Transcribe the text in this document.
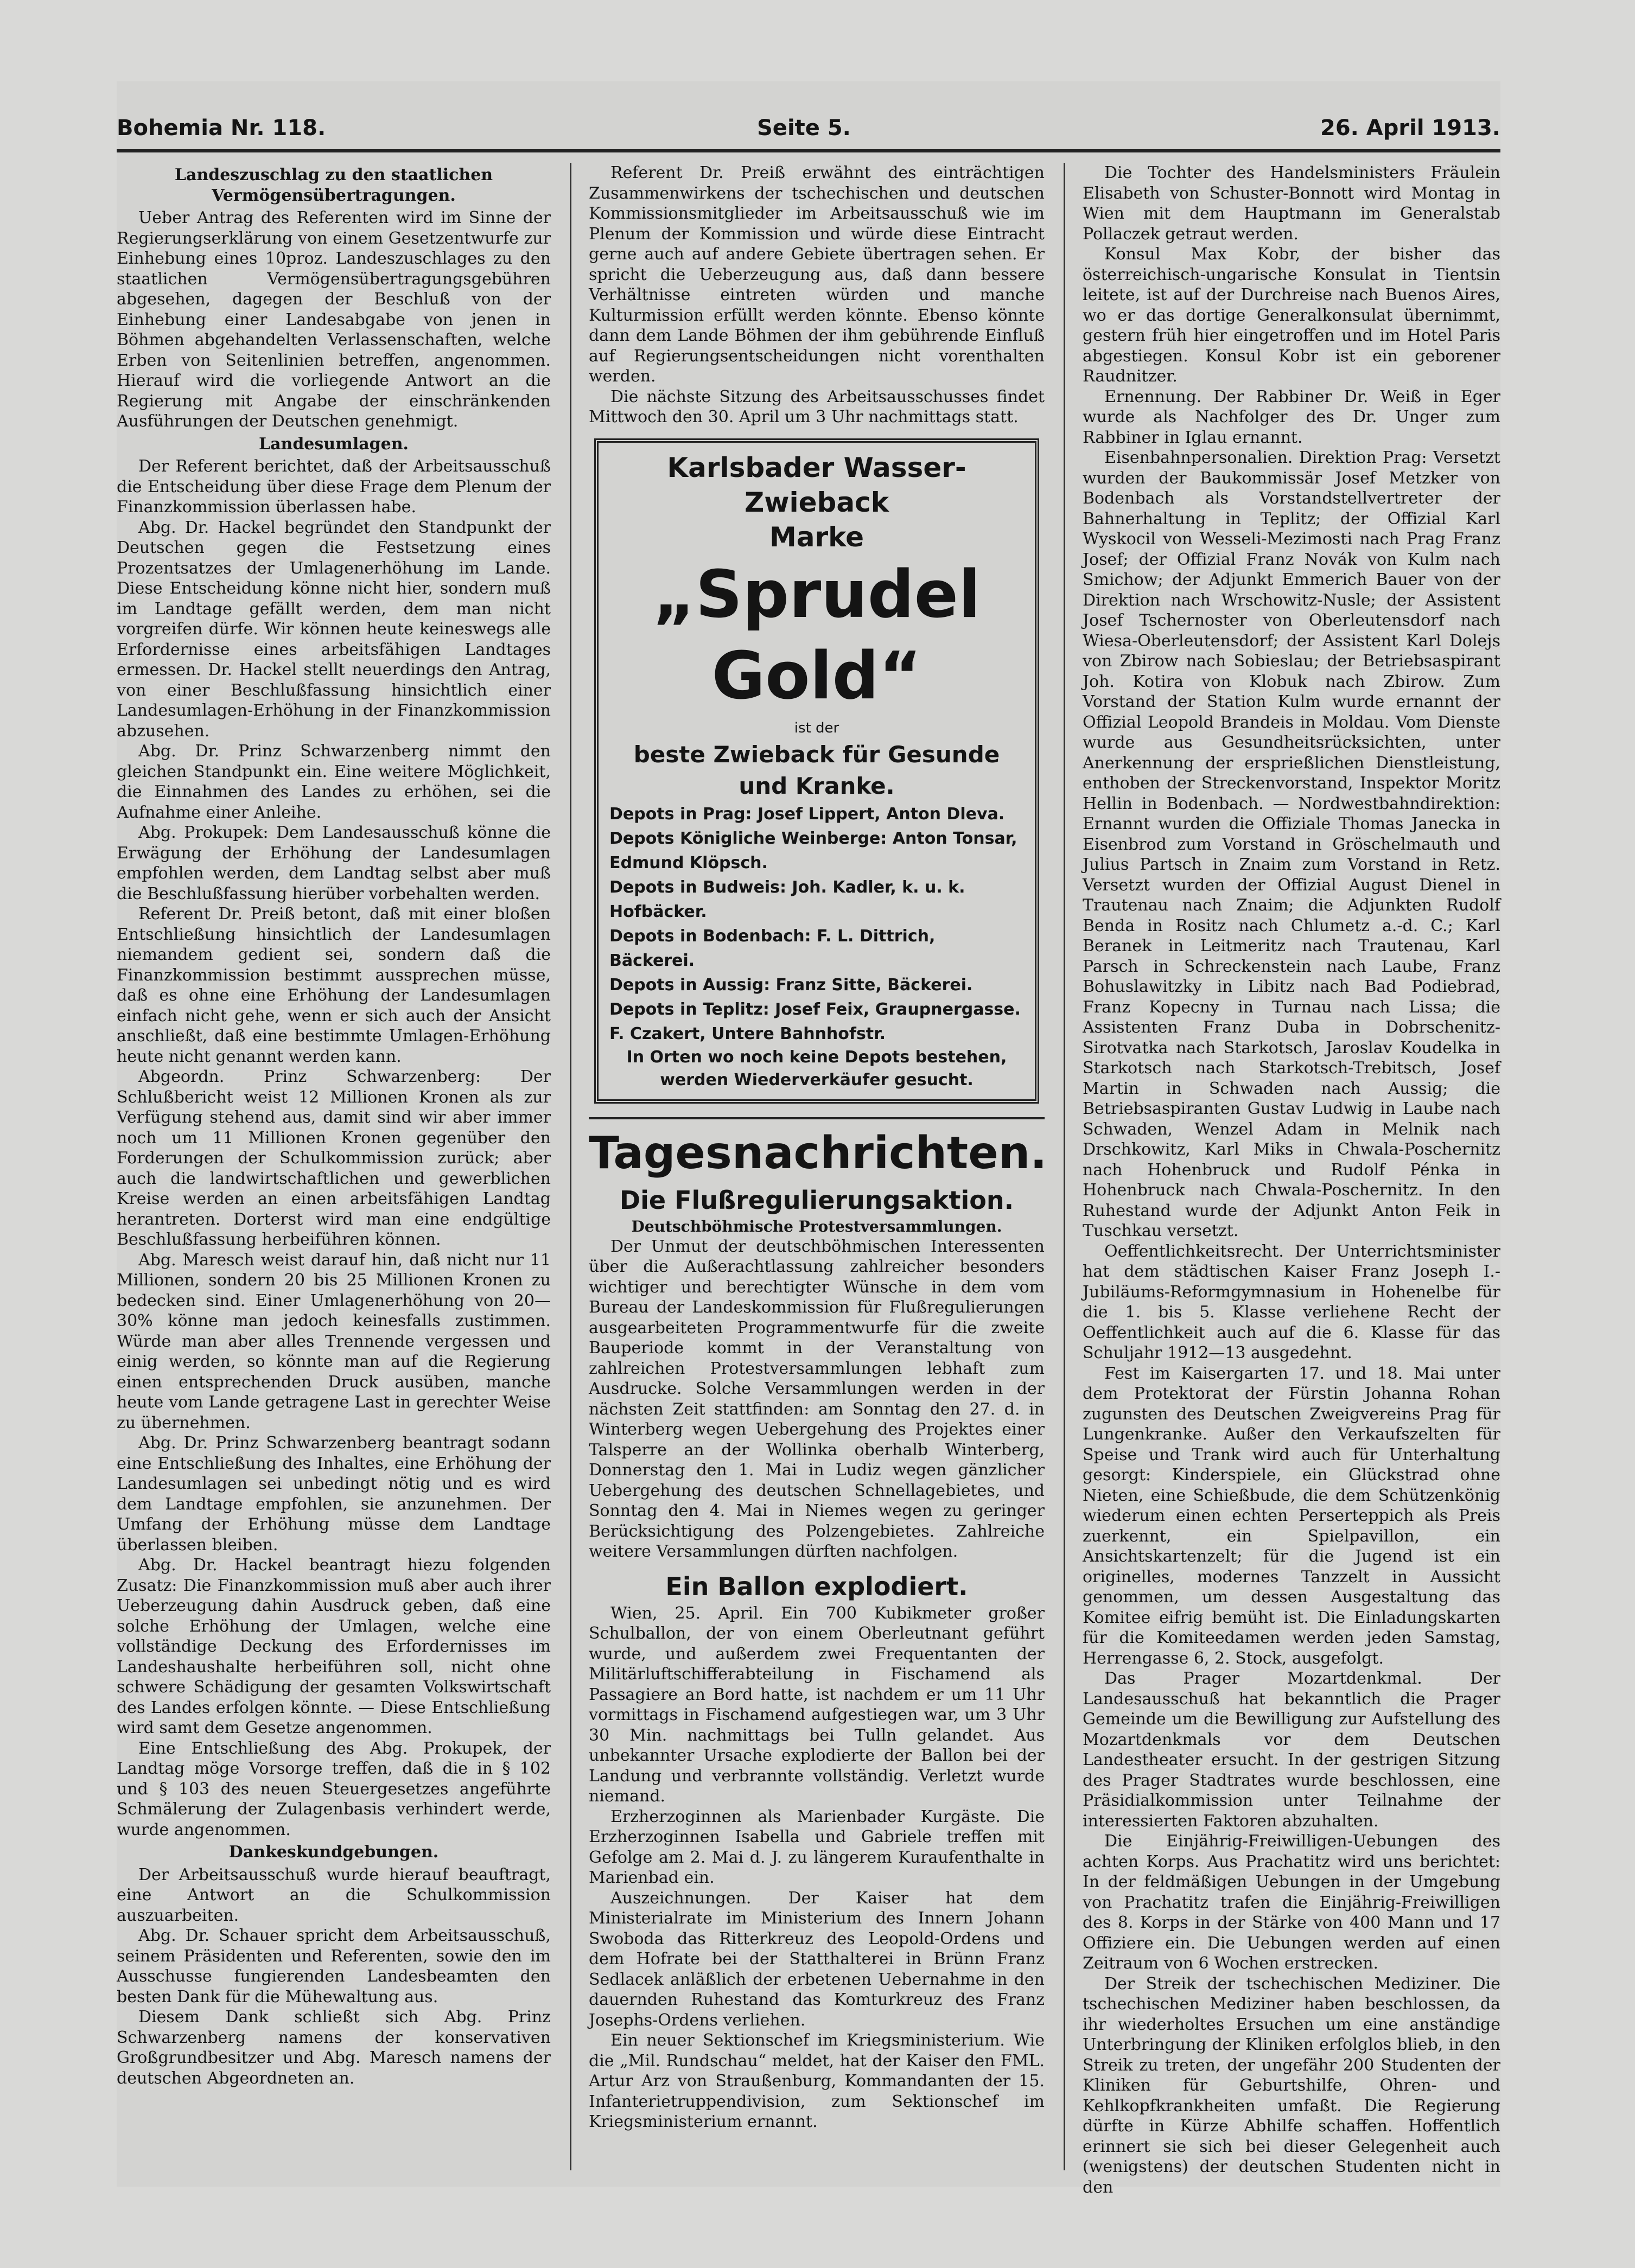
Bohemia Nr. 118.	Seite 5.	26. April 1913.
Landeszuschlag zu den staatlichen Vermögensübertragungen.

Ueber Antrag des Referenten wird im Sinne der Regierungserklärung von einem Gesetzentwurfe zur Einhebung eines 10proz. Landeszuschlages zu den staatlichen Vermögensübertragungsgebühren abgesehen, dagegen der Beschluß von der Einhebung einer Landesabgabe von jenen in Böhmen abgehandelten Verlassenschaften, welche Erben von Seitenlinien betreffen, angenommen. Hierauf wird die vorliegende Antwort an die Regierung mit Angabe der einschränkenden Ausführungen der Deutschen genehmigt.

Landesumlagen.

Der Referent berichtet, daß der Arbeitsausschuß die Entscheidung über diese Frage dem Plenum der Finanzkommission überlassen habe.

Abg. Dr. Hackel begründet den Standpunkt der Deutschen gegen die Festsetzung eines Prozentsatzes der Umlagenerhöhung im Lande. Diese Entscheidung könne nicht hier, sondern muß im Landtage gefällt werden, dem man nicht vorgreifen dürfe. Wir können heute keineswegs alle Erfordernisse eines arbeitsfähigen Landtages ermessen. Dr. Hackel stellt neuerdings den Antrag, von einer Beschlußfassung hinsichtlich einer Landesumlagen-Erhöhung in der Finanzkommission abzusehen.

Abg. Dr. Prinz Schwarzenberg nimmt den gleichen Standpunkt ein. Eine weitere Möglichkeit, die Einnahmen des Landes zu erhöhen, sei die Aufnahme einer Anleihe.

Abg. Prokupek: Dem Landesausschuß könne die Erwägung der Erhöhung der Landesumlagen empfohlen werden, dem Landtag selbst aber muß die Beschlußfassung hierüber vorbehalten werden.

Referent Dr. Preiß betont, daß mit einer bloßen Entschließung hinsichtlich der Landesumlagen niemandem gedient sei, sondern daß die Finanzkommission bestimmt aussprechen müsse, daß es ohne eine Erhöhung der Landesumlagen einfach nicht gehe, wenn er sich auch der Ansicht anschließt, daß eine bestimmte Umlagen-Erhöhung heute nicht genannt werden kann.

Abgeordn. Prinz Schwarzenberg: Der Schlußbericht weist 12 Millionen Kronen als zur Verfügung stehend aus, damit sind wir aber immer noch um 11 Millionen Kronen gegenüber den Forderungen der Schulkommission zurück; aber auch die landwirtschaftlichen und gewerblichen Kreise werden an einen arbeitsfähigen Landtag herantreten. Dorterst wird man eine endgültige Beschlußfassung herbeiführen können.

Abg. Maresch weist darauf hin, daß nicht nur 11 Millionen, sondern 20 bis 25 Millionen Kronen zu bedecken sind. Einer Umlagenerhöhung von 20—30% könne man jedoch keinesfalls zustimmen. Würde man aber alles Trennende vergessen und einig werden, so könnte man auf die Regierung einen entsprechenden Druck ausüben, manche heute vom Lande getragene Last in gerechter Weise zu übernehmen.

Abg. Dr. Prinz Schwarzenberg beantragt sodann eine Entschließung des Inhaltes, eine Erhöhung der Landesumlagen sei unbedingt nötig und es wird dem Landtage empfohlen, sie anzunehmen. Der Umfang der Erhöhung müsse dem Landtage überlassen bleiben.

Abg. Dr. Hackel beantragt hiezu folgenden Zusatz: Die Finanzkommission muß aber auch ihrer Ueberzeugung dahin Ausdruck geben, daß eine solche Erhöhung der Umlagen, welche eine vollständige Deckung des Erfordernisses im Landeshaushalte herbeiführen soll, nicht ohne schwere Schädigung der gesamten Volkswirtschaft des Landes erfolgen könnte. — Diese Entschließung wird samt dem Gesetze angenommen.

Eine Entschließung des Abg. Prokupek, der Landtag möge Vorsorge treffen, daß die in § 102 und § 103 des neuen Steuergesetzes angeführte Schmälerung der Zulagenbasis verhindert werde, wurde angenommen.

Dankeskundgebungen.

Der Arbeitsausschuß wurde hierauf beauftragt, eine Antwort an die Schulkommission auszuarbeiten.

Abg. Dr. Schauer spricht dem Arbeitsausschuß, seinem Präsidenten und Referenten, sowie den im Ausschusse fungierenden Landesbeamten den besten Dank für die Mühewaltung aus.

Diesem Dank schließt sich Abg. Prinz Schwarzenberg namens der konservativen Großgrundbesitzer und Abg. Maresch namens der deutschen Abgeordneten an.

Referent Dr. Preiß erwähnt des einträchtigen Zusammenwirkens der tschechischen und deutschen Kommissionsmitglieder im Arbeitsausschuß wie im Plenum der Kommission und würde diese Eintracht gerne auch auf andere Gebiete übertragen sehen. Er spricht die Ueberzeugung aus, daß dann bessere Verhältnisse eintreten würden und manche Kulturmission erfüllt werden könnte. Ebenso könnte dann dem Lande Böhmen der ihm gebührende Einfluß auf Regierungsentscheidungen nicht vorenthalten werden.

Die nächste Sitzung des Arbeitsausschusses findet Mittwoch den 30. April um 3 Uhr nachmittags statt.

Karlsbader Wasser-Zwieback
Marke
„Sprudel Gold“
ist der
beste Zwieback für Gesunde und Kranke.
Depots in Prag: Josef Lippert, Anton Dleva.
Depots Königliche Weinberge: Anton Tonsar, Edmund Klöpsch.
Depots in Budweis: Joh. Kadler, k. u. k. Hofbäcker.
Depots in Bodenbach: F. L. Dittrich, Bäckerei.
Depots in Aussig: Franz Sitte, Bäckerei.
Depots in Teplitz: Josef Feix, Graupnergasse. F. Czakert, Untere Bahnhofstr.
In Orten wo noch keine Depots bestehen, werden Wiederverkäufer gesucht.
Tagesnachrichten.
Die Flußregulierungsaktion.
Deutschböhmische Protestversammlungen.

Der Unmut der deutschböhmischen Interessenten über die Außerachtlassung zahlreicher besonders wichtiger und berechtigter Wünsche in dem vom Bureau der Landeskommission für Flußregulierungen ausgearbeiteten Programmentwurfe für die zweite Bauperiode kommt in der Veranstaltung von zahlreichen Protestversammlungen lebhaft zum Ausdrucke. Solche Versammlungen werden in der nächsten Zeit stattfinden: am Sonntag den 27. d. in Winterberg wegen Uebergehung des Projektes einer Talsperre an der Wollinka oberhalb Winterberg, Donnerstag den 1. Mai in Ludiz wegen gänzlicher Uebergehung des deutschen Schnellagebietes, und Sonntag den 4. Mai in Niemes wegen zu geringer Berücksichtigung des Polzengebietes. Zahlreiche weitere Versammlungen dürften nachfolgen.

Ein Ballon explodiert.

Wien, 25. April. Ein 700 Kubikmeter großer Schulballon, der von einem Oberleutnant geführt wurde, und außerdem zwei Frequentanten der Militärluftschifferabteilung in Fischamend als Passagiere an Bord hatte, ist nachdem er um 11 Uhr vormittags in Fischamend aufgestiegen war, um 3 Uhr 30 Min. nachmittags bei Tulln gelandet. Aus unbekannter Ursache explodierte der Ballon bei der Landung und verbrannte vollständig. Verletzt wurde niemand.

Erzherzoginnen als Marienbader Kurgäste. Die Erzherzoginnen Isabella und Gabriele treffen mit Gefolge am 2. Mai d. J. zu längerem Kuraufenthalte in Marienbad ein.

Auszeichnungen. Der Kaiser hat dem Ministerialrate im Ministerium des Innern Johann Swoboda das Ritterkreuz des Leopold-Ordens und dem Hofrate bei der Statthalterei in Brünn Franz Sedlacek anläßlich der erbetenen Uebernahme in den dauernden Ruhestand das Komturkreuz des Franz Josephs-Ordens verliehen.

Ein neuer Sektionschef im Kriegsministerium. Wie die „Mil. Rundschau“ meldet, hat der Kaiser den FML. Artur Arz von Straußenburg, Kommandanten der 15. Infanterietruppendivision, zum Sektionschef im Kriegsministerium ernannt.

Die Tochter des Handelsministers Fräulein Elisabeth von Schuster-Bonnott wird Montag in Wien mit dem Hauptmann im Generalstab Pollaczek getraut werden.

Konsul Max Kobr, der bisher das österreichisch-ungarische Konsulat in Tientsin leitete, ist auf der Durchreise nach Buenos Aires, wo er das dortige Generalkonsulat übernimmt, gestern früh hier eingetroffen und im Hotel Paris abgestiegen. Konsul Kobr ist ein geborener Raudnitzer.

Ernennung. Der Rabbiner Dr. Weiß in Eger wurde als Nachfolger des Dr. Unger zum Rabbiner in Iglau ernannt.

Eisenbahnpersonalien. Direktion Prag: Versetzt wurden der Baukommissär Josef Metzker von Bodenbach als Vorstandstellvertreter der Bahnerhaltung in Teplitz; der Offizial Karl Wyskocil von Wesseli-Mezimosti nach Prag Franz Josef; der Offizial Franz Novák von Kulm nach Smichow; der Adjunkt Emmerich Bauer von der Direktion nach Wrschowitz-Nusle; der Assistent Josef Tschernoster von Oberleutensdorf nach Wiesa-Oberleutensdorf; der Assistent Karl Dolejs von Zbirow nach Sobieslau; der Betriebsaspirant Joh. Kotira von Klobuk nach Zbirow. Zum Vorstand der Station Kulm wurde ernannt der Offizial Leopold Brandeis in Moldau. Vom Dienste wurde aus Gesundheitsrücksichten, unter Anerkennung der ersprießlichen Dienstleistung, enthoben der Streckenvorstand, Inspektor Moritz Hellin in Bodenbach. — Nordwestbahndirektion: Ernannt wurden die Offiziale Thomas Janecka in Eisenbrod zum Vorstand in Gröschelmauth und Julius Partsch in Znaim zum Vorstand in Retz. Versetzt wurden der Offizial August Dienel in Trautenau nach Znaim; die Adjunkten Rudolf Benda in Rositz nach Chlumetz a.-d. C.; Karl Beranek in Leitmeritz nach Trautenau, Karl Parsch in Schreckenstein nach Laube, Franz Bohuslawitzky in Libitz nach Bad Podiebrad, Franz Kopecny in Turnau nach Lissa; die Assistenten Franz Duba in Dobrschenitz-Sirotvatka nach Starkotsch, Jaroslav Koudelka in Starkotsch nach Starkotsch-Trebitsch, Josef Martin in Schwaden nach Aussig; die Betriebsaspiranten Gustav Ludwig in Laube nach Schwaden, Wenzel Adam in Melnik nach Drschkowitz, Karl Miks in Chwala-Poschernitz nach Hohenbruck und Rudolf Pénka in Hohenbruck nach Chwala-Poschernitz. In den Ruhestand wurde der Adjunkt Anton Feik in Tuschkau versetzt.

Oeffentlichkeitsrecht. Der Unterrichtsminister hat dem städtischen Kaiser Franz Joseph I.-Jubiläums-Reformgymnasium in Hohenelbe für die 1. bis 5. Klasse verliehene Recht der Oeffentlichkeit auch auf die 6. Klasse für das Schuljahr 1912—13 ausgedehnt.

Fest im Kaisergarten 17. und 18. Mai unter dem Protektorat der Fürstin Johanna Rohan zugunsten des Deutschen Zweigvereins Prag für Lungenkranke. Außer den Verkaufszelten für Speise und Trank wird auch für Unterhaltung gesorgt: Kinderspiele, ein Glückstrad ohne Nieten, eine Schießbude, die dem Schützenkönig wiederum einen echten Perserteppich als Preis zuerkennt, ein Spielpavillon, ein Ansichtskartenzelt; für die Jugend ist ein originelles, modernes Tanzzelt in Aussicht genommen, um dessen Ausgestaltung das Komitee eifrig bemüht ist. Die Einladungskarten für die Komiteedamen werden jeden Samstag, Herrengasse 6, 2. Stock, ausgefolgt.

Das Prager Mozartdenkmal. Der Landesausschuß hat bekanntlich die Prager Gemeinde um die Bewilligung zur Aufstellung des Mozartdenkmals vor dem Deutschen Landestheater ersucht. In der gestrigen Sitzung des Prager Stadtrates wurde beschlossen, eine Präsidialkommission unter Teilnahme der interessierten Faktoren abzuhalten.

Die Einjährig-Freiwilligen-Uebungen des achten Korps. Aus Prachatitz wird uns berichtet: In der feldmäßigen Uebungen in der Umgebung von Prachatitz trafen die Einjährig-Freiwilligen des 8. Korps in der Stärke von 400 Mann und 17 Offiziere ein. Die Uebungen werden auf einen Zeitraum von 6 Wochen erstrecken.

Der Streik der tschechischen Mediziner. Die tschechischen Mediziner haben beschlossen, da ihr wiederholtes Ersuchen um eine anständige Unterbringung der Kliniken erfolglos blieb, in den Streik zu treten, der ungefähr 200 Studenten der Kliniken für Geburtshilfe, Ohren- und Kehlkopfkrankheiten umfaßt. Die Regierung dürfte in Kürze Abhilfe schaffen. Hoffentlich erinnert sie sich bei dieser Gelegenheit auch (wenigstens) der deutschen Studenten nicht in den
